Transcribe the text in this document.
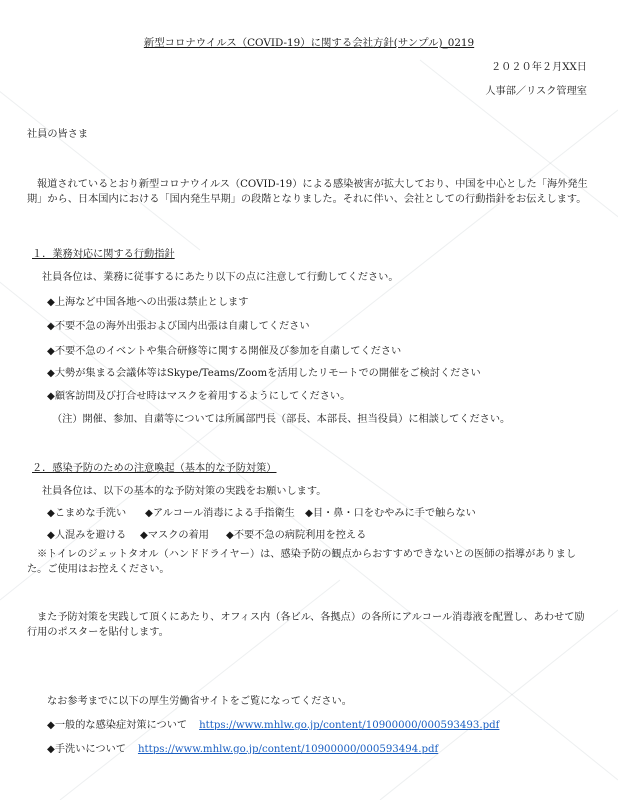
新型コロナウイルス（COVID-19）に関する会社方針(サンプル)_0219
２０２０年２月XX日
人事部／リスク管理室
社員の皆さま
報道されているとおり新型コロナウイルス（COVID-19）による感染被害が拡大しており、中国を中心とした「海外発生期」から、日本国内における「国内発生早期」の段階となりました。それに伴い、会社としての行動指針をお伝えします。
１．業務対応に関する行動指針
社員各位は、業務に従事するにあたり以下の点に注意して行動してください。
◆上海など中国各地への出張は禁止とします
◆不要不急の海外出張および国内出張は自粛してください
◆不要不急のイベントや集合研修等に関する開催及び参加を自粛してください
◆大勢が集まる会議体等はSkype/Teams/Zoomを活用したリモートでの開催をご検討ください
◆顧客訪問及び打合せ時はマスクを着用するようにしてください。
（注）開催、参加、自粛等については所属部門長（部長、本部長、担当役員）に相談してください。
２．感染予防のための注意喚起（基本的な予防対策）
社員各位は、以下の基本的な予防対策の実践をお願いします。
◆こまめな手洗い ◆アルコール消毒による手指衛生 ◆目・鼻・口をむやみに手で触らない
◆人混みを避ける ◆マスクの着用 ◆不要不急の病院利用を控える
※トイレのジェットタオル（ハンドドライヤー）は、感染予防の観点からおすすめできないとの医師の指導がありました。ご使用はお控えください。
また予防対策を実践して頂くにあたり、オフィス内（各ビル、各拠点）の各所にアルコール消毒液を配置し、あわせて励行用のポスターを貼付します。
なお参考までに以下の厚生労働省サイトをご覧になってください。
◆一般的な感染症対策について https://www.mhlw.go.jp/content/10900000/000593493.pdf
◆手洗いについて https://www.mhlw.go.jp/content/10900000/000593494.pdf
